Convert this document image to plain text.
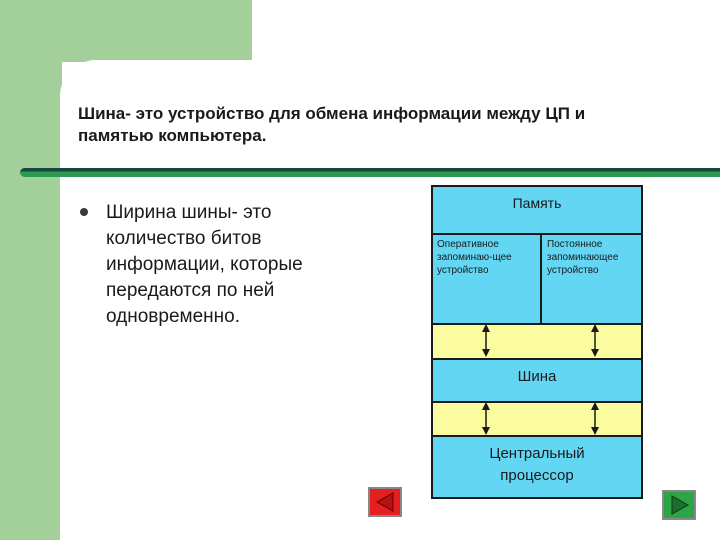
Шина- это устройство для обмена информации между ЦП и
памятью компьютера.
Ширина шины- это
количество битов
информации, которые
передаются по ней
одновременно.
Память
Оперативное
запоминаю-щее
устройство
Постоянное
запоминающее
устройство
Шина
Центральный
процессор
